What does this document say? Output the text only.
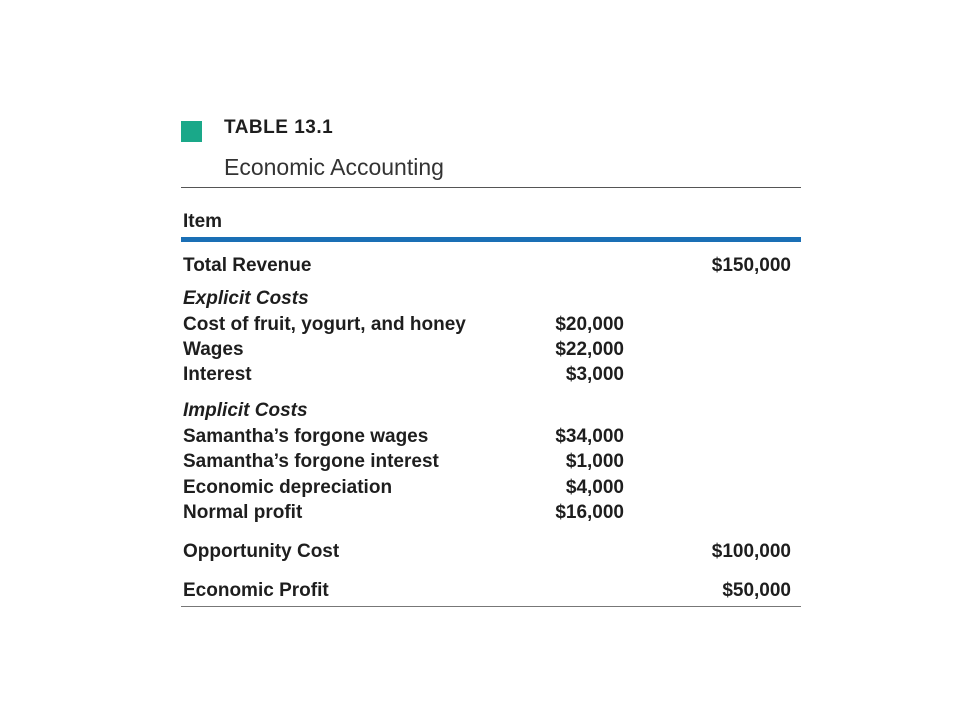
TABLE 13.1
Economic Accounting
Item
Total Revenue	$150,000
Explicit Costs
Cost of fruit, yogurt, and honey	$20,000
Wages	$22,000
Interest	$3,000
Implicit Costs
Samantha’s forgone wages	$34,000
Samantha’s forgone interest	$1,000
Economic depreciation	$4,000
Normal profit	$16,000
Opportunity Cost	$100,000
Economic Profit	$50,000
